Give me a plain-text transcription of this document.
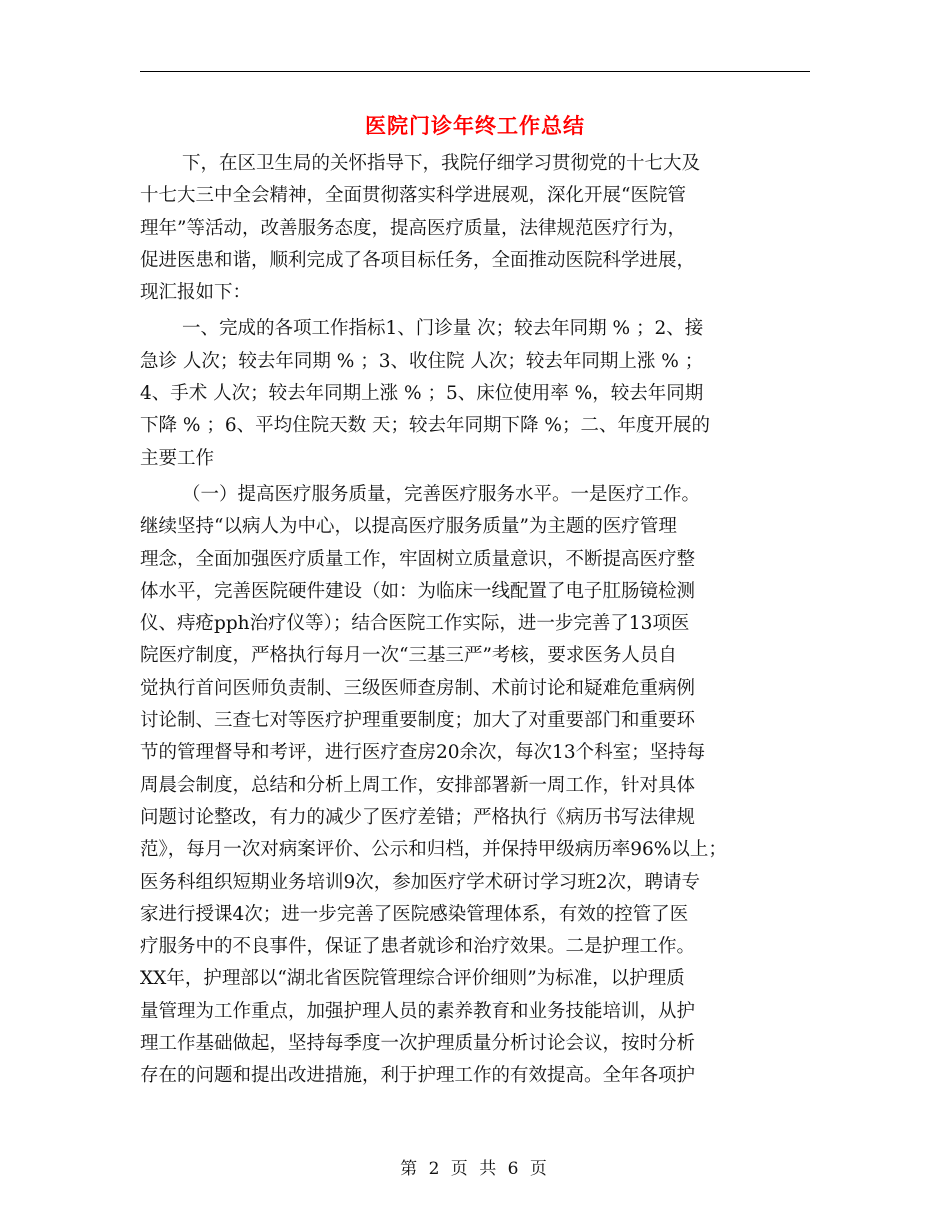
医院门诊年终工作总结
下，在区卫生局的关怀指导下，我院仔细学习贯彻党的十七大及
十七大三中全会精神，全面贯彻落实科学进展观，深化开展“医院管
理年”等活动，改善服务态度，提高医疗质量，法律规范医疗行为，
促进医患和谐，顺利完成了各项目标任务，全面推动医院科学进展，
现汇报如下：
一、完成的各项工作指标1、门诊量 次；较去年同期 % ；2、接
急诊 人次；较去年同期 % ；3、收住院 人次；较去年同期上涨 % ；
4、手术 人次；较去年同期上涨 % ；5、床位使用率 %，较去年同期
下降 % ；6、平均住院天数 天；较去年同期下降 %；二、年度开展的
主要工作
（一）提高医疗服务质量，完善医疗服务水平。一是医疗工作。
继续坚持“以病人为中心，以提高医疗服务质量”为主题的医疗管理
理念，全面加强医疗质量工作，牢固树立质量意识，不断提高医疗整
体水平，完善医院硬件建设（如：为临床一线配置了电子肛肠镜检测
仪、痔疮pph治疗仪等）；结合医院工作实际，进一步完善了13项医
院医疗制度，严格执行每月一次“三基三严”考核，要求医务人员自
觉执行首问医师负责制、三级医师查房制、术前讨论和疑难危重病例
讨论制、三查七对等医疗护理重要制度；加大了对重要部门和重要环
节的管理督导和考评，进行医疗查房20余次，每次13个科室；坚持每
周晨会制度，总结和分析上周工作，安排部署新一周工作，针对具体
问题讨论整改，有力的减少了医疗差错；严格执行《病历书写法律规
范》，每月一次对病案评价、公示和归档，并保持甲级病历率96%以上；
医务科组织短期业务培训9次，参加医疗学术研讨学习班2次，聘请专
家进行授课4次；进一步完善了医院感染管理体系，有效的控管了医
疗服务中的不良事件，保证了患者就诊和治疗效果。二是护理工作。
XX年，护理部以“湖北省医院管理综合评价细则”为标准，以护理质
量管理为工作重点，加强护理人员的素养教育和业务技能培训，从护
理工作基础做起，坚持每季度一次护理质量分析讨论会议，按时分析
存在的问题和提出改进措施，利于护理工作的有效提高。全年各项护
第 2 页 共 6 页
